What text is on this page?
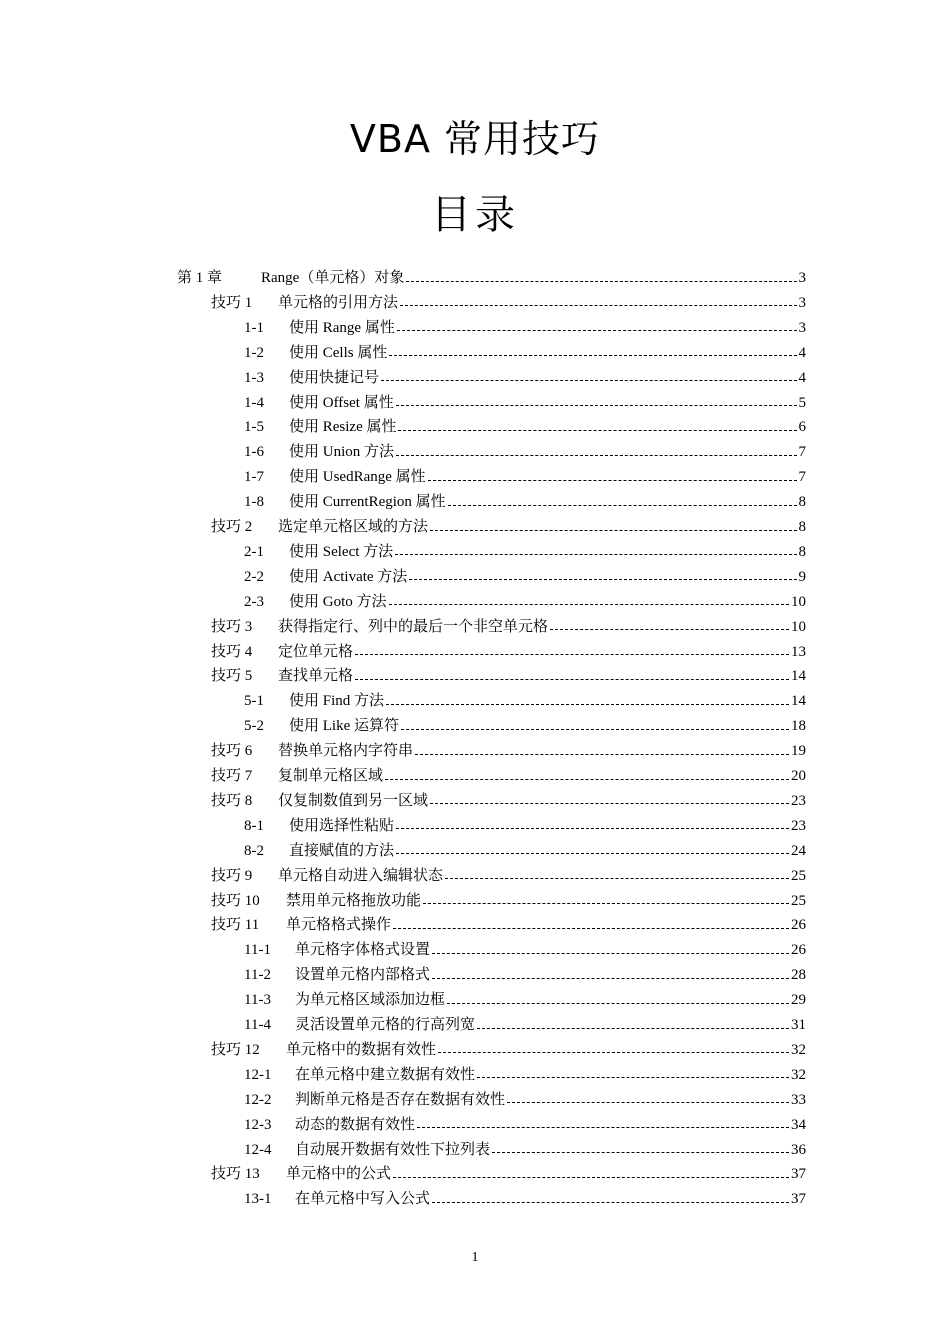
VBA 常用技巧
目录
第 1 章	Range（单元格）对象	3
技巧 1	单元格的引用方法	3
1-1 使用 Range 属性	3
1-2 使用 Cells 属性	4
1-3 使用快捷记号	4
1-4 使用 Offset 属性	5
1-5 使用 Resize 属性	6
1-6 使用 Union 方法	7
1-7 使用 UsedRange 属性	7
1-8 使用 CurrentRegion 属性	8
技巧 2	选定单元格区域的方法	8
2-1 使用 Select 方法	8
2-2 使用 Activate 方法	9
2-3 使用 Goto 方法	10
技巧 3	获得指定行、列中的最后一个非空单元格	10
技巧 4	定位单元格	13
技巧 5	查找单元格	14
5-1 使用 Find 方法	14
5-2 使用 Like 运算符	18
技巧 6	替换单元格内字符串	19
技巧 7	复制单元格区域	20
技巧 8	仅复制数值到另一区域	23
8-1 使用选择性粘贴	23
8-2 直接赋值的方法	24
技巧 9	单元格自动进入编辑状态	25
技巧 10	禁用单元格拖放功能	25
技巧 11	单元格格式操作	26
11-1 单元格字体格式设置	26
11-2 设置单元格内部格式	28
11-3 为单元格区域添加边框	29
11-4 灵活设置单元格的行高列宽	31
技巧 12	单元格中的数据有效性	32
12-1 在单元格中建立数据有效性	32
12-2 判断单元格是否存在数据有效性	33
12-3 动态的数据有效性	34
12-4 自动展开数据有效性下拉列表	36
技巧 13	单元格中的公式	37
13-1 在单元格中写入公式	37
1
